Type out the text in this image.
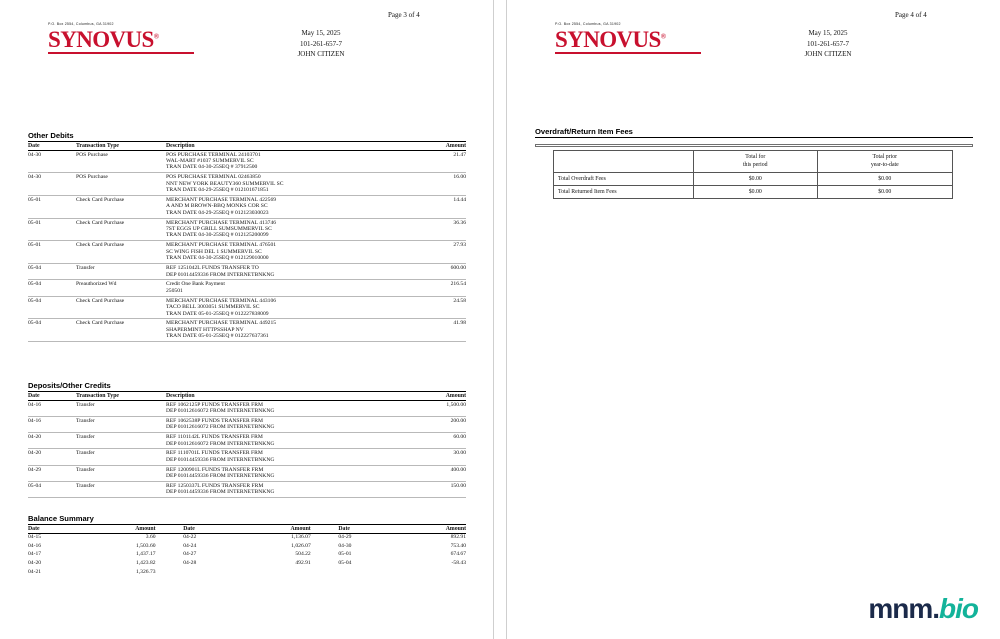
P.O. Box 2554, Columbus, GA 31902
Page 3 of 4
SYNOVUS®	May 15, 2025
101-261-657-7
JOHN CITIZEN
Other Debits
Date	Transaction Type	Description	Amount
04-30	POS Purchase	POS PURCHASE TERMINAL 24103701
WAL-MART #1037 SUMMERVIL SC
TRAN DATE 04-30-25SEQ # 37912500	21.47
04-30	POS Purchase	POS PURCHASE TERMINAL 02463850
NNT NEW YORK BEAUTY360 SUMMERVIL SC
TRAN DATE 04-29-25SEQ # 012101671851	16.00
05-01	Check Card Purchase	MERCHANT PURCHASE TERMINAL 422569
A AND M BROWN-BBQ MONKS COR SC
TRAN DATE 04-29-25SEQ # 012123030023	14.44
05-01	Check Card Purchase	MERCHANT PURCHASE TERMINAL 413746
7ST EGGS UP GRILL SUMSUMMERVIL SC
TRAN DATE 04-30-25SEQ # 012125200099	36.36
05-01	Check Card Purchase	MERCHANT PURCHASE TERMINAL 476501
SC WING FISH DEL 1 SUMMERVIL SC
TRAN DATE 04-30-25SEQ # 012129010000	27.93
05-04	Transfer	REF 1251042L FUNDS TRANSFER TO
DEP 01014459336 FROM INTERNETBNKNG	600.00
05-04	Preauthorized Wd	Credit One Bank Payment
250501	216.54
05-04	Check Card Purchase	MERCHANT PURCHASE TERMINAL 443106
TACO BELL 3003051 SUMMERVIL SC
TRAN DATE 05-01-25SEQ # 012227838009	24.58
05-04	Check Card Purchase	MERCHANT PURCHASE TERMINAL 449215
SHAPERMINT HTTPSSHAP NV
TRAN DATE 05-01-25SEQ # 012227637361	41.98
Deposits/Other Credits
Date	Transaction Type	Description	Amount
04-16	Transfer	REF 1062125P FUNDS TRANSFER FRM
DEP 01012616072 FROM INTERNETBNKNG	1,500.00
04-16	Transfer	REF 1062538P FUNDS TRANSFER FRM
DEP 01012616072 FROM INTERNETBNKNG	200.00
04-20	Transfer	REF 1101142L FUNDS TRANSFER FRM
DEP 01012616072 FROM INTERNETBNKNG	60.00
04-20	Transfer	REF 1110701L FUNDS TRANSFER FRM
DEP 01014459336 FROM INTERNETBNKNG	30.00
04-29	Transfer	REF 1200901L FUNDS TRANSFER FRM
DEP 01014459336 FROM INTERNETBNKNG	400.00
05-04	Transfer	REF 1250337L FUNDS TRANSFER FRM
DEP 01014459336 FROM INTERNETBNKNG	150.00
Balance Summary
Date	Amount		Date	Amount		Date	Amount
04-15	3.60		04-22	1,136.07		04-29	892.91
04-16	1,503.60		04-24	1,026.07		04-30	753.40
04-17	1,437.17		04-27	504.22		05-01	674.67
04-20	1,423.82		04-28	492.91		05-04	-58.43
04-21	1,326.73						
P.O. Box 2554, Columbus, GA 31902
Page 4 of 4
SYNOVUS®	May 15, 2025
101-261-657-7
JOHN CITIZEN
Overdraft/Return Item Fees

Total for
this period

Total prior
year-to-date

Total Overdraft Fees	$0.00	$0.00
Total Returned Item Fees	$0.00	$0.00
mnm.bio
